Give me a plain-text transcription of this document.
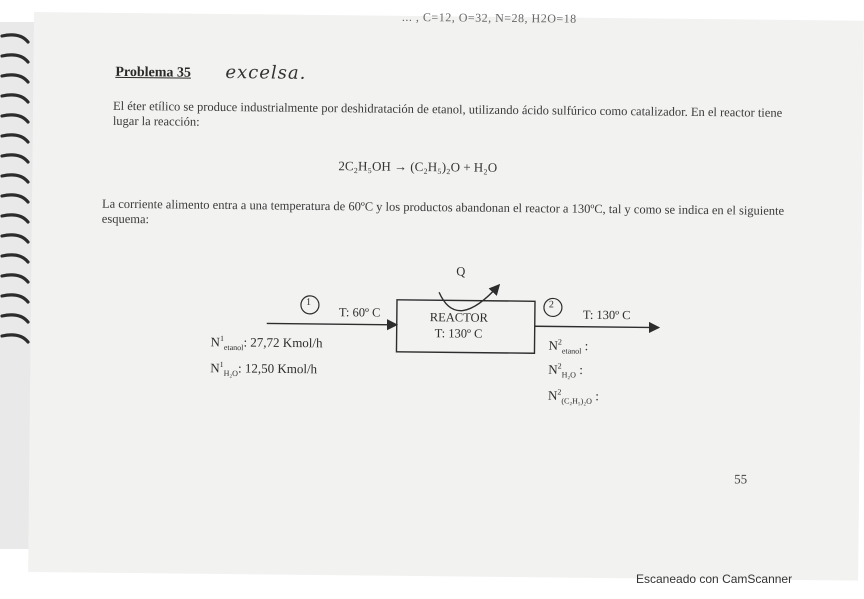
... , C=12, O=32, N=28, H2O=18
Problema 35 excelsa.
El éter etílico se produce industrialmente por deshidratación de etanol, utilizando ácido sulfúrico como catalizador. En el reactor tiene lugar la reacción:
2C₂H₅OH → (C₂H₅)₂O + H₂O
La corriente alimento entra a una temperatura de 60ºC y los productos abandonan el reactor a 130ºC, tal y como se indica en el siguiente esquema:
Q
REACTOR
T: 130º C
1
T: 60º C
2
T: 130º C
$N^1_{etanol}$: 27,72 Kmol/h
$N^1_{H_2O}$: 12,50 Kmol/h
$N^2_{etanol}$ :
$N^2_{H_2O}$ :
$N^2_{(C_2H_5)_2O}$ :
55
Escaneado con CamScanner
